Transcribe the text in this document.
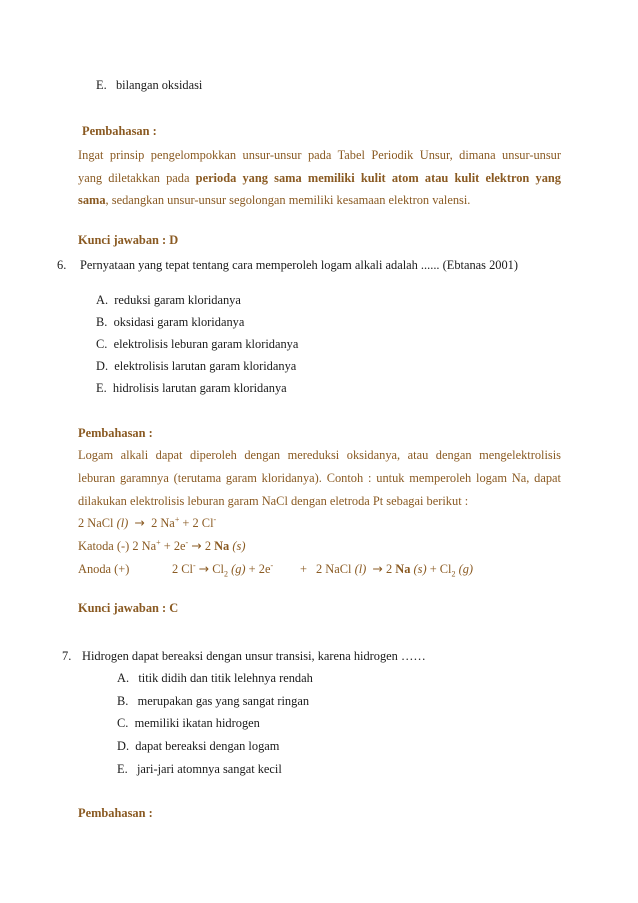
E. bilangan oksidasi
Pembahasan :
Ingat prinsip pengelompokkan unsur-unsur pada Tabel Periodik Unsur, dimana unsur-unsur
yang diletakkan pada perioda yang sama memiliki kulit atom atau kulit elektron yang
sama, sedangkan unsur-unsur segolongan memiliki kesamaan elektron valensi.
Kunci jawaban : D
6. Pernyataan yang tepat tentang cara memperoleh logam alkali adalah ...... (Ebtanas 2001)
A. reduksi garam kloridanya
B. oksidasi garam kloridanya
C. elektrolisis leburan garam kloridanya
D. elektrolisis larutan garam kloridanya
E. hidrolisis larutan garam kloridanya
Pembahasan :
Logam alkali dapat diperoleh dengan mereduksi oksidanya, atau dengan mengelektrolisis
leburan garamnya (terutama garam kloridanya). Contoh : untuk memperoleh logam Na, dapat
dilakukan elektrolisis leburan garam NaCl dengan eletroda Pt sebagai berikut :
2 NaCl (l) → 2 Na+ + 2 Cl-
Katoda (-) 2 Na+ + 2e- → 2 Na (s)
Anoda (+)	2 $Cl^- \to Cl_2$ (g) + 2e- + 2 NaCl (l) → 2 Na $(s) + Cl_2$ (g)
Kunci jawaban : C
7. Hidrogen dapat bereaksi dengan unsur transisi, karena hidrogen ……
A. titik didih dan titik lelehnya rendah
B. merupakan gas yang sangat ringan
C. memiliki ikatan hidrogen
D. dapat bereaksi dengan logam
E. jari-jari atomnya sangat kecil
Pembahasan :
